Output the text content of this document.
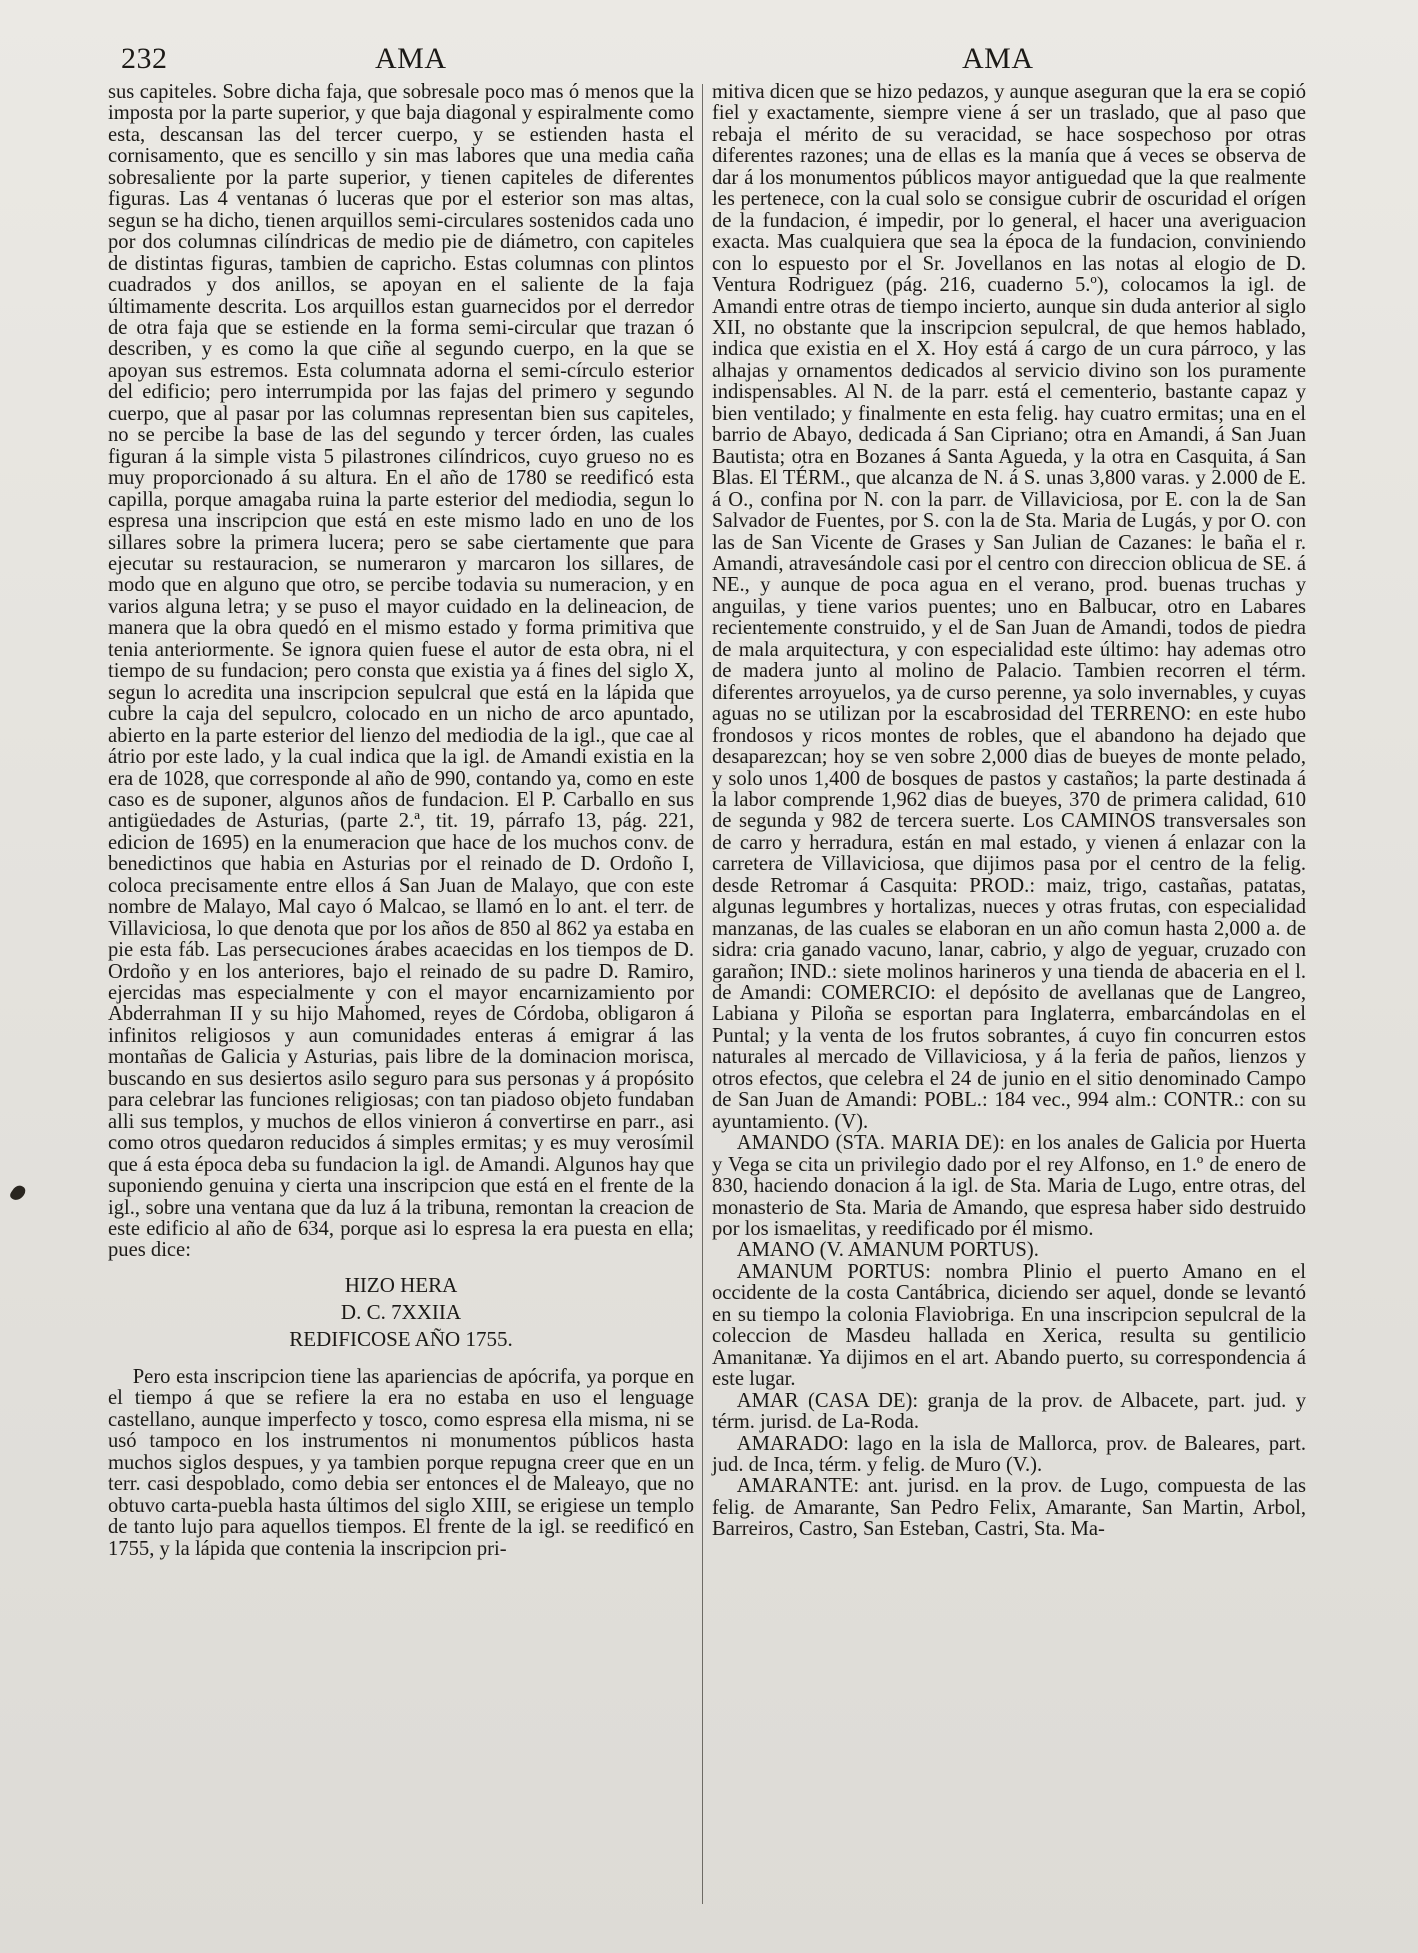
232	AMA	AMA

sus capiteles. Sobre dicha faja, que sobresale poco mas ó menos que la imposta por la parte superior, y que baja diagonal y espiralmente como esta, descansan las del tercer cuerpo, y se estienden hasta el cornisamento, que es sencillo y sin mas labores que una media caña sobresaliente por la parte superior, y tienen capiteles de diferentes figuras. Las 4 ventanas ó luceras que por el esterior son mas altas, segun se ha dicho, tienen arquillos semi-circulares sostenidos cada uno por dos columnas cilíndricas de medio pie de diámetro, con capiteles de distintas figuras, tambien de capricho. Estas columnas con plintos cuadrados y dos anillos, se apoyan en el saliente de la faja últimamente descrita. Los arquillos estan guarnecidos por el derredor de otra faja que se estiende en la forma semi-circular que trazan ó describen, y es como la que ciñe al segundo cuerpo, en la que se apoyan sus estremos. Esta columnata adorna el semi-círculo esterior del edificio; pero interrumpida por las fajas del primero y segundo cuerpo, que al pasar por las columnas representan bien sus capiteles, no se percibe la base de las del segundo y tercer órden, las cuales figuran á la simple vista 5 pilastrones cilíndricos, cuyo grueso no es muy proporcionado á su altura. En el año de 1780 se reedificó esta capilla, porque amagaba ruina la parte esterior del mediodia, segun lo espresa una inscripcion que está en este mismo lado en uno de los sillares sobre la primera lucera; pero se sabe ciertamente que para ejecutar su restauracion, se numeraron y marcaron los sillares, de modo que en alguno que otro, se percibe todavia su numeracion, y en varios alguna letra; y se puso el mayor cuidado en la delineacion, de manera que la obra quedó en el mismo estado y forma primitiva que tenia anteriormente. Se ignora quien fuese el autor de esta obra, ni el tiempo de su fundacion; pero consta que existia ya á fines del siglo X, segun lo acredita una inscripcion sepulcral que está en la lápida que cubre la caja del sepulcro, colocado en un nicho de arco apuntado, abierto en la parte esterior del lienzo del mediodia de la igl., que cae al átrio por este lado, y la cual indica que la igl. de Amandi existia en la era de 1028, que corresponde al año de 990, contando ya, como en este caso es de suponer, algunos años de fundacion. El P. Carballo en sus antigüedades de Asturias, (parte 2.ª, tit. 19, párrafo 13, pág. 221, edicion de 1695) en la enumeracion que hace de los muchos conv. de benedictinos que habia en Asturias por el reinado de D. Ordoño I, coloca precisamente entre ellos á San Juan de Malayo, que con este nombre de Malayo, Mal cayo ó Malcao, se llamó en lo ant. el terr. de Villaviciosa, lo que denota que por los años de 850 al 862 ya estaba en pie esta fáb. Las persecuciones árabes acaecidas en los tiempos de D. Ordoño y en los anteriores, bajo el reinado de su padre D. Ramiro, ejercidas mas especialmente y con el mayor encarnizamiento por Abderrahman II y su hijo Mahomed, reyes de Córdoba, obligaron á infinitos religiosos y aun comunidades enteras á emigrar á las montañas de Galicia y Asturias, pais libre de la dominacion morisca, buscando en sus desiertos asilo seguro para sus personas y á propósito para celebrar las funciones religiosas; con tan piadoso objeto fundaban alli sus templos, y muchos de ellos vinieron á convertirse en parr., asi como otros quedaron reducidos á simples ermitas; y es muy verosímil que á esta época deba su fundacion la igl. de Amandi. Algunos hay que suponiendo genuina y cierta una inscripcion que está en el frente de la igl., sobre una ventana que da luz á la tribuna, remontan la creacion de este edificio al año de 634, porque asi lo espresa la era puesta en ella; pues dice:

HIZO HERA
D. C. 7XXIIA
REDIFICOSE AÑO 1755.

Pero esta inscripcion tiene las apariencias de apócrifa, ya porque en el tiempo á que se refiere la era no estaba en uso el lenguage castellano, aunque imperfecto y tosco, como espresa ella misma, ni se usó tampoco en los instrumentos ni monumentos públicos hasta muchos siglos despues, y ya tambien porque repugna creer que en un terr. casi despoblado, como debia ser entonces el de Maleayo, que no obtuvo carta-puebla hasta últimos del siglo XIII, se erigiese un templo de tanto lujo para aquellos tiempos. El frente de la igl. se reedificó en 1755, y la lápida que contenia la inscripcion pri-

mitiva dicen que se hizo pedazos, y aunque aseguran que la era se copió fiel y exactamente, siempre viene á ser un traslado, que al paso que rebaja el mérito de su veracidad, se hace sospechoso por otras diferentes razones; una de ellas es la manía que á veces se observa de dar á los monumentos públicos mayor antiguedad que la que realmente les pertenece, con la cual solo se consigue cubrir de oscuridad el orígen de la fundacion, é impedir, por lo general, el hacer una averiguacion exacta. Mas cualquiera que sea la época de la fundacion, conviniendo con lo espuesto por el Sr. Jovellanos en las notas al elogio de D. Ventura Rodriguez (pág. 216, cuaderno 5.º), colocamos la igl. de Amandi entre otras de tiempo incierto, aunque sin duda anterior al siglo XII, no obstante que la inscripcion sepulcral, de que hemos hablado, indica que existia en el X. Hoy está á cargo de un cura párroco, y las alhajas y ornamentos dedicados al servicio divino son los puramente indispensables. Al N. de la parr. está el cementerio, bastante capaz y bien ventilado; y finalmente en esta felig. hay cuatro ermitas; una en el barrio de Abayo, dedicada á San Cipriano; otra en Amandi, á San Juan Bautista; otra en Bozanes á Santa Agueda, y la otra en Casquita, á San Blas. El TÉRM., que alcanza de N. á S. unas 3,800 varas. y 2.000 de E. á O., confina por N. con la parr. de Villaviciosa, por E. con la de San Salvador de Fuentes, por S. con la de Sta. Maria de Lugás, y por O. con las de San Vicente de Grases y San Julian de Cazanes: le baña el r. Amandi, atravesándole casi por el centro con direccion oblicua de SE. á NE., y aunque de poca agua en el verano, prod. buenas truchas y anguilas, y tiene varios puentes; uno en Balbucar, otro en Labares recientemente construido, y el de San Juan de Amandi, todos de piedra de mala arquitectura, y con especialidad este último: hay ademas otro de madera junto al molino de Palacio. Tambien recorren el térm. diferentes arroyuelos, ya de curso perenne, ya solo invernables, y cuyas aguas no se utilizan por la escabrosidad del TERRENO: en este hubo frondosos y ricos montes de robles, que el abandono ha dejado que desaparezcan; hoy se ven sobre 2,000 dias de bueyes de monte pelado, y solo unos 1,400 de bosques de pastos y castaños; la parte destinada á la labor comprende 1,962 dias de bueyes, 370 de primera calidad, 610 de segunda y 982 de tercera suerte. Los CAMINOS transversales son de carro y herradura, están en mal estado, y vienen á enlazar con la carretera de Villaviciosa, que dijimos pasa por el centro de la felig. desde Retromar á Casquita: PROD.: maiz, trigo, castañas, patatas, algunas legumbres y hortalizas, nueces y otras frutas, con especialidad manzanas, de las cuales se elaboran en un año comun hasta 2,000 a. de sidra: cria ganado vacuno, lanar, cabrio, y algo de yeguar, cruzado con garañon; IND.: siete molinos harineros y una tienda de abaceria en el l. de Amandi: COMERCIO: el depósito de avellanas que de Langreo, Labiana y Piloña se esportan para Inglaterra, embarcándolas en el Puntal; y la venta de los frutos sobrantes, á cuyo fin concurren estos naturales al mercado de Villaviciosa, y á la feria de paños, lienzos y otros efectos, que celebra el 24 de junio en el sitio denominado Campo de San Juan de Amandi: POBL.: 184 vec., 994 alm.: CONTR.: con su ayuntamiento. (V).

AMANDO (STA. MARIA DE): en los anales de Galicia por Huerta y Vega se cita un privilegio dado por el rey Alfonso, en 1.º de enero de 830, haciendo donacion á la igl. de Sta. Maria de Lugo, entre otras, del monasterio de Sta. Maria de Amando, que espresa haber sido destruido por los ismaelitas, y reedificado por él mismo.

AMANO (V. AMANUM PORTUS).

AMANUM PORTUS: nombra Plinio el puerto Amano en el occidente de la costa Cantábrica, diciendo ser aquel, donde se levantó en su tiempo la colonia Flaviobriga. En una inscripcion sepulcral de la coleccion de Masdeu hallada en Xerica, resulta su gentilicio Amanitanæ. Ya dijimos en el art. Abando puerto, su correspondencia á este lugar.

AMAR (CASA DE): granja de la prov. de Albacete, part. jud. y térm. jurisd. de La-Roda.

AMARADO: lago en la isla de Mallorca, prov. de Baleares, part. jud. de Inca, térm. y felig. de Muro (V.).

AMARANTE: ant. jurisd. en la prov. de Lugo, compuesta de las felig. de Amarante, San Pedro Felix, Amarante, San Martin, Arbol, Barreiros, Castro, San Esteban, Castri, Sta. Ma-
